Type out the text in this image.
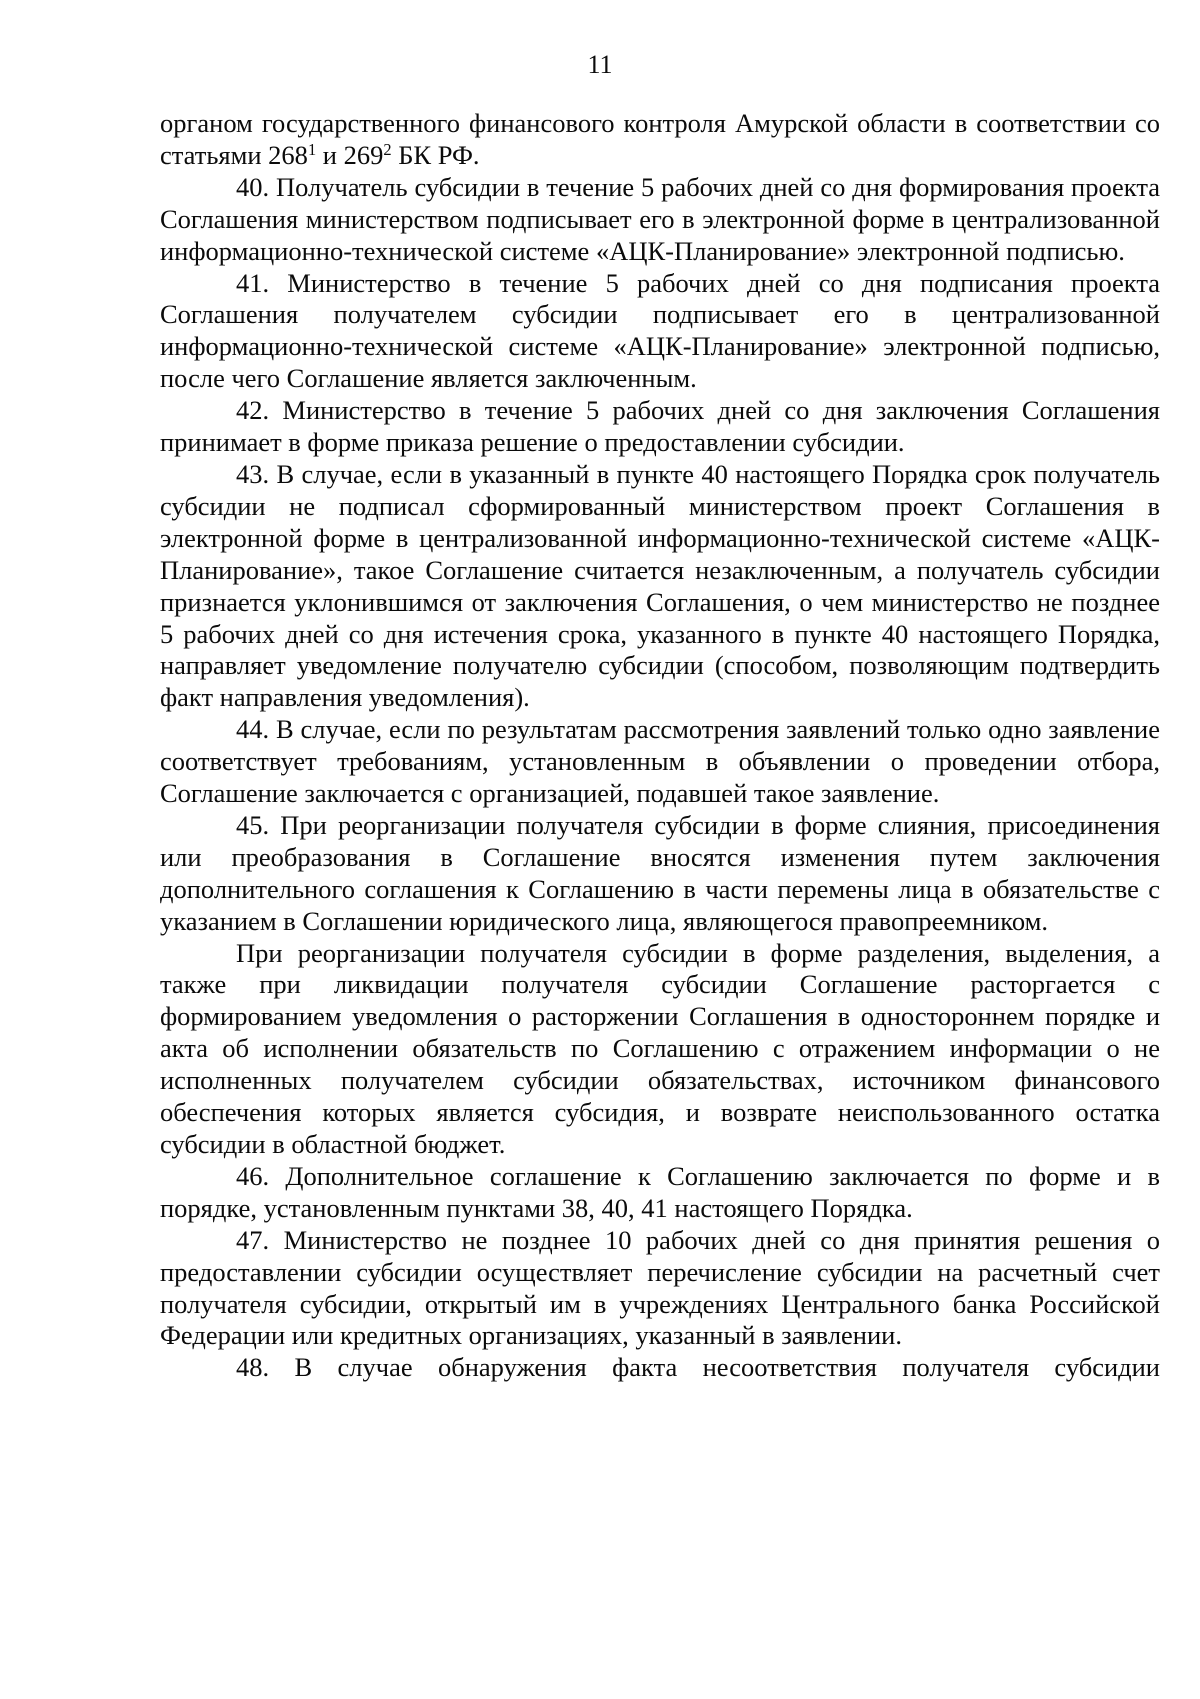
11

органом государственного финансового контроля Амурской области в соответствии со статьями $268^1$ и $269^2$ БК РФ.

40. Получатель субсидии в течение 5 рабочих дней со дня формирования проекта Соглашения министерством подписывает его в электронной форме в централизованной информационно-технической системе «АЦК-Планирование» электронной подписью.

41. Министерство в течение 5 рабочих дней со дня подписания проекта Соглашения получателем субсидии подписывает его в централизованной информационно-технической системе «АЦК-Планирование» электронной подписью, после чего Соглашение является заключенным.

42. Министерство в течение 5 рабочих дней со дня заключения Соглашения принимает в форме приказа решение о предоставлении субсидии.

43. В случае, если в указанный в пункте 40 настоящего Порядка срок получатель субсидии не подписал сформированный министерством проект Соглашения в электронной форме в централизованной информационно-технической системе «АЦК-Планирование», такое Соглашение считается незаключенным, а получатель субсидии признается уклонившимся от заключения Соглашения, о чем министерство не позднее 5 рабочих дней со дня истечения срока, указанного в пункте 40 настоящего Порядка, направляет уведомление получателю субсидии (способом, позволяющим подтвердить факт направления уведомления).

44. В случае, если по результатам рассмотрения заявлений только одно заявление соответствует требованиям, установленным в объявлении о проведении отбора, Соглашение заключается с организацией, подавшей такое заявление.

45. При реорганизации получателя субсидии в форме слияния, присоединения или преобразования в Соглашение вносятся изменения путем заключения дополнительного соглашения к Соглашению в части перемены лица в обязательстве с указанием в Соглашении юридического лица, являющегося правопреемником.

При реорганизации получателя субсидии в форме разделения, выделения, а также при ликвидации получателя субсидии Соглашение расторгается с формированием уведомления о расторжении Соглашения в одностороннем порядке и акта об исполнении обязательств по Соглашению с отражением информации о не исполненных получателем субсидии обязательствах, источником финансового обеспечения которых является субсидия, и возврате неиспользованного остатка субсидии в областной бюджет.

46. Дополнительное соглашение к Соглашению заключается по форме и в порядке, установленным пунктами 38, 40, 41 настоящего Порядка.

47. Министерство не позднее 10 рабочих дней со дня принятия решения о предоставлении субсидии осуществляет перечисление субсидии на расчетный счет получателя субсидии, открытый им в учреждениях Центрального банка Российской Федерации или кредитных организациях, указанный в заявлении.

48. В случае обнаружения факта несоответствия получателя субсидии
